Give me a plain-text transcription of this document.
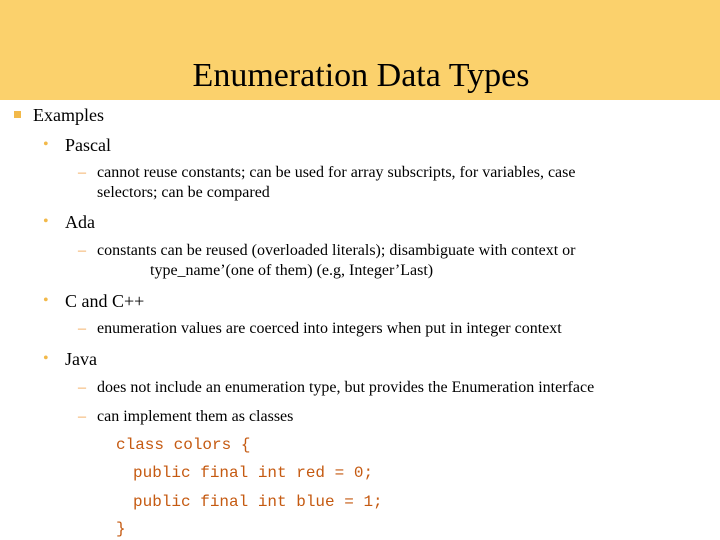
Enumeration Data Types
Examples
• Pascal
– cannot reuse constants; can be used for array subscripts, for variables, case
selectors; can be compared
• Ada
– constants can be reused (overloaded literals); disambiguate with context or
type_name’(one of them) (e.g, Integer’Last)
• C and C++
– enumeration values are coerced into integers when put in integer context
• Java
– does not include an enumeration type, but provides the Enumeration interface
– can implement them as classes
class colors {
public final int red = 0;
public final int blue = 1;
}
